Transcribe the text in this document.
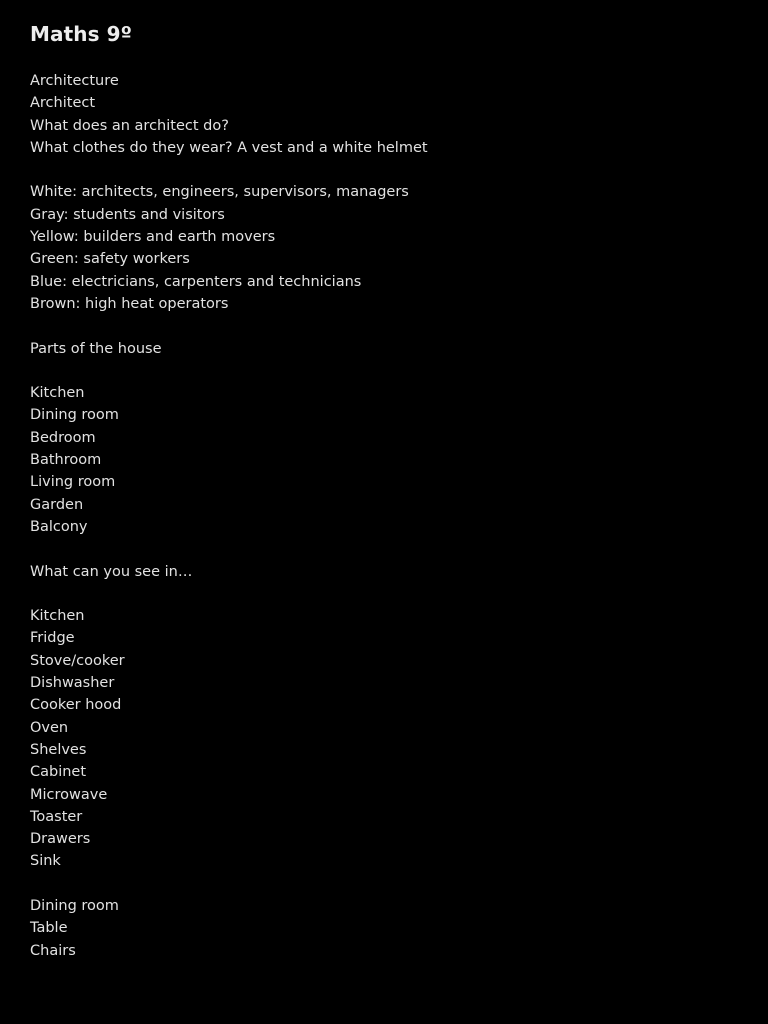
Maths 9º
Architecture
Architect
What does an architect do?
What clothes do they wear? A vest and a white helmet
White: architects, engineers, supervisors, managers
Gray: students and visitors
Yellow: builders and earth movers
Green: safety workers
Blue: electricians, carpenters and technicians
Brown: high heat operators
Parts of the house
Kitchen
Dining room
Bedroom
Bathroom
Living room
Garden
Balcony
What can you see in…
Kitchen
Fridge
Stove/cooker
Dishwasher
Cooker hood
Oven
Shelves
Cabinet
Microwave
Toaster
Drawers
Sink
Dining room
Table
Chairs
